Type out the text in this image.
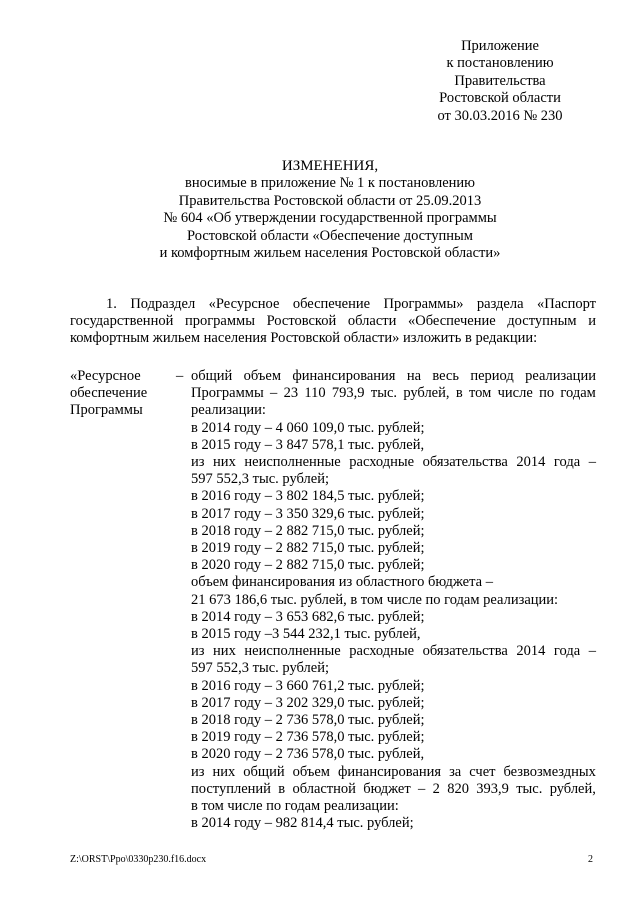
Приложение
к постановлению
Правительства
Ростовской области
от 30.03.2016 № 230
ИЗМЕНЕНИЯ,
вносимые в приложение № 1 к постановлению
Правительства Ростовской области от 25.09.2013
№ 604 «Об утверждении государственной программы
Ростовской области «Обеспечение доступным
и комфортным жильем населения Ростовской области»
1. Подраздел «Ресурсное обеспечение Программы» раздела «Паспорт
государственной программы Ростовской области «Обеспечение доступным и
комфортным жильем населения Ростовской области» изложить в редакции:
«Ресурсное
обеспечение
Программы
– общий объем финансирования на весь период реализации
Программы – 23 110 793,9 тыс. рублей, в том числе по годам
реализации:
в 2014 году – 4 060 109,0 тыс. рублей;
в 2015 году – 3 847 578,1 тыс. рублей,
из них неисполненные расходные обязательства 2014 года –
597 552,3 тыс. рублей;
в 2016 году – 3 802 184,5 тыс. рублей;
в 2017 году – 3 350 329,6 тыс. рублей;
в 2018 году – 2 882 715,0 тыс. рублей;
в 2019 году – 2 882 715,0 тыс. рублей;
в 2020 году – 2 882 715,0 тыс. рублей;
объем финансирования из областного бюджета –
21 673 186,6 тыс. рублей, в том числе по годам реализации:
в 2014 году – 3 653 682,6 тыс. рублей;
в 2015 году –3 544 232,1 тыс. рублей,
из них неисполненные расходные обязательства 2014 года –
597 552,3 тыс. рублей;
в 2016 году – 3 660 761,2 тыс. рублей;
в 2017 году – 3 202 329,0 тыс. рублей;
в 2018 году – 2 736 578,0 тыс. рублей;
в 2019 году – 2 736 578,0 тыс. рублей;
в 2020 году – 2 736 578,0 тыс. рублей,
из них общий объем финансирования за счет безвозмездных
поступлений в областной бюджет – 2 820 393,9 тыс. рублей,
в том числе по годам реализации:
в 2014 году – 982 814,4 тыс. рублей;
Z:\ORST\Ppo\0330p230.f16.docx	2
